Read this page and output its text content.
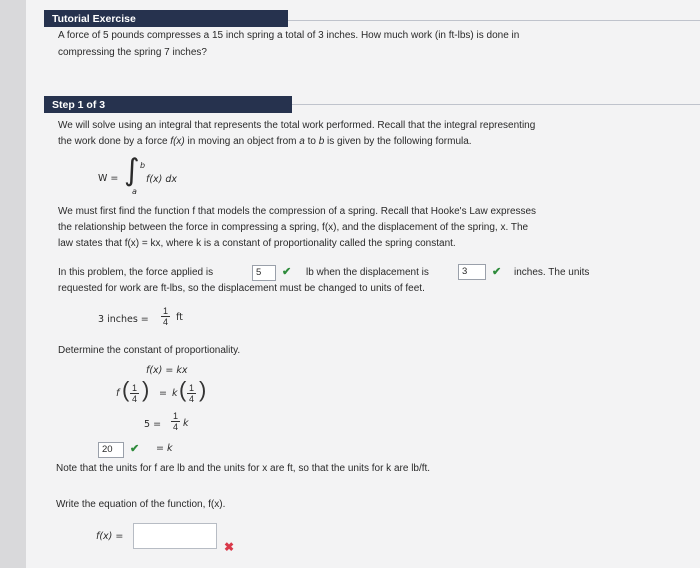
Tutorial Exercise
A force of 5 pounds compresses a 15 inch spring a total of 3 inches. How much work (in ft-lbs) is done in
compressing the spring 7 inches?
Step 1 of 3
We will solve using an integral that represents the total work performed. Recall that the integral representing
the work done by a force f(x) in moving an object from a to b is given by the following formula.
W = ∫ b
a
f(x) dx
We must first find the function f that models the compression of a spring. Recall that Hooke's Law expresses
the relationship between the force in compressing a spring, f(x), and the displacement of the spring, x. The
law states that f(x) = kx, where k is a constant of proportionality called the spring constant.
In this problem, the force applied is	5	✔ lb when the displacement is	3	✔ inches. The units
requested for work are ft-lbs, so the displacement must be changed to units of feet.
3 inches = $\frac{1}{4}$ ft
Determine the constant of proportionality.
f(x) = kx
f ( $\frac{1}{4}$ ) = k ( $\frac{1}{4}$ )
$5 = \frac{1}{4}$ k
20	✔ = k
Note that the units for f are lb and the units for x are ft, so that the units for k are lb/ft.
Write the equation of the function, f(x).
f(x) =
✖
